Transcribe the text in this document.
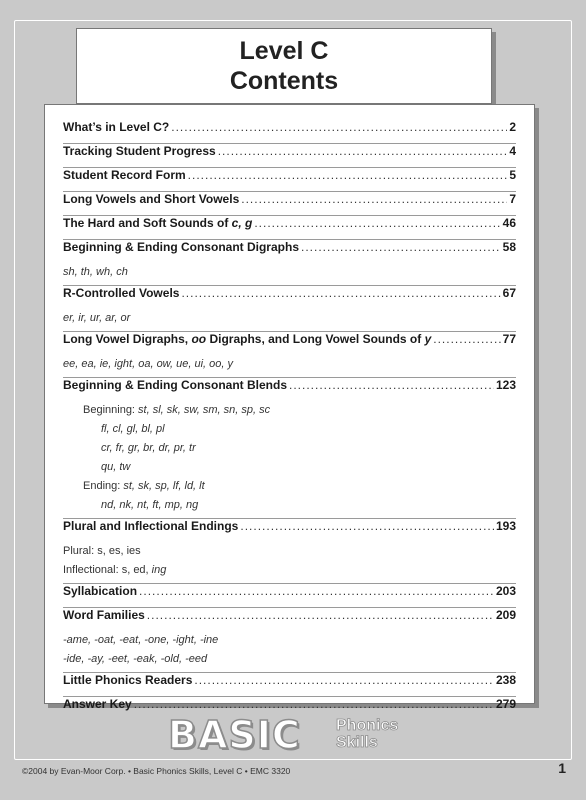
Level C
Contents
What’s in Level C? .....	2
Tracking Student Progress .....	4
Student Record Form .....	5
Long Vowels and Short Vowels .....	7
The Hard and Soft Sounds of c, g .....	46
Beginning & Ending Consonant Digraphs .....	58
sh, th, wh, ch
R-Controlled Vowels .....	67
er, ir, ur, ar, or
Long Vowel Digraphs, oo Digraphs, and Long Vowel Sounds of y .....	77
ee, ea, ie, ight, oa, ow, ue, ui, oo, y
Beginning & Ending Consonant Blends .....	123
Beginning: st, sl, sk, sw, sm, sn, sp, sc
fl, cl, gl, bl, pl
cr, fr, gr, br, dr, pr, tr
qu, tw
Ending: st, sk, sp, lf, ld, lt
nd, nk, nt, ft, mp, ng
Plural and Inflectional Endings .....	193
Plural: s, es, ies
Inflectional: s, ed, ing
Syllabication .....	203
Word Families .....	209
-ame, -oat, -eat, -one, -ight, -ine
-ide, -ay, -eet, -eak, -old, -eed
Little Phonics Readers .....	238
Answer Key .....	279
BASIC Phonics
Skills
©2004 by Evan-Moor Corp. • Basic Phonics Skills, Level C • EMC 3320	1
